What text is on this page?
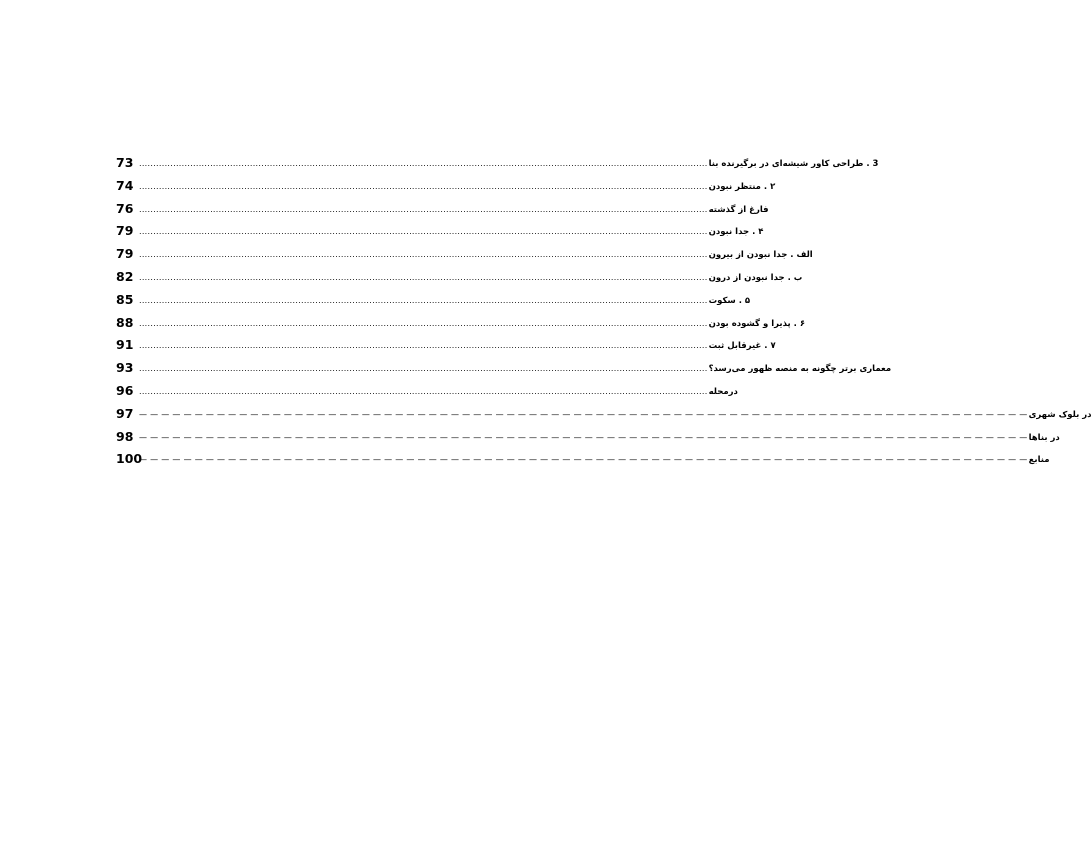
73 ........................................................................................................................................................................................................ 3 . طراحی کاور شیشه‌ای در برگیرنده بنا
74 ........................................................................................................................................................................................................ ۲ . منتظر نبودن
76 ........................................................................................................................................................................................................ فارغ از گذشته
79 ........................................................................................................................................................................................................ ۴ . جدا نبودن
79 ........................................................................................................................................................................................................ الف . جدا نبودن از بیرون
82 ........................................................................................................................................................................................................ ب . جدا نبودن از درون
85 ........................................................................................................................................................................................................ ۵ . سکوت
88 ........................................................................................................................................................................................................ ۶ . پذیرا و گشوده بودن
91 ........................................................................................................................................................................................................ ۷ . غیرقابل ثبت
93 ........................................................................................................................................................................................................ معماری برتر چگونه به منصه ظهور می‌رسد؟
96 ........................................................................................................................................................................................................ درمحله
97 — — — — — — — — — — — — — — — — — — — — — — — — — — — — — — — — — — — — — — — — — — — — — — — — — — — — — — — — — — — — — — — — — — — — — — — — — — — — — — — — در بلوک شهری
98 — — — — — — — — — — — — — — — — — — — — — — — — — — — — — — — — — — — — — — — — — — — — — — — — — — — — — — — — — — — — — — — — — — — — — — — — — — — — — — — — در بناها
100
— — — — — — — — — — — — — — — — — — — — — — — — — — — — — — — — — — — — — — — — — — — — — — — — — — — — — — — — — — — — — — — — — — — — — — — — — — — — — — — — منابع
